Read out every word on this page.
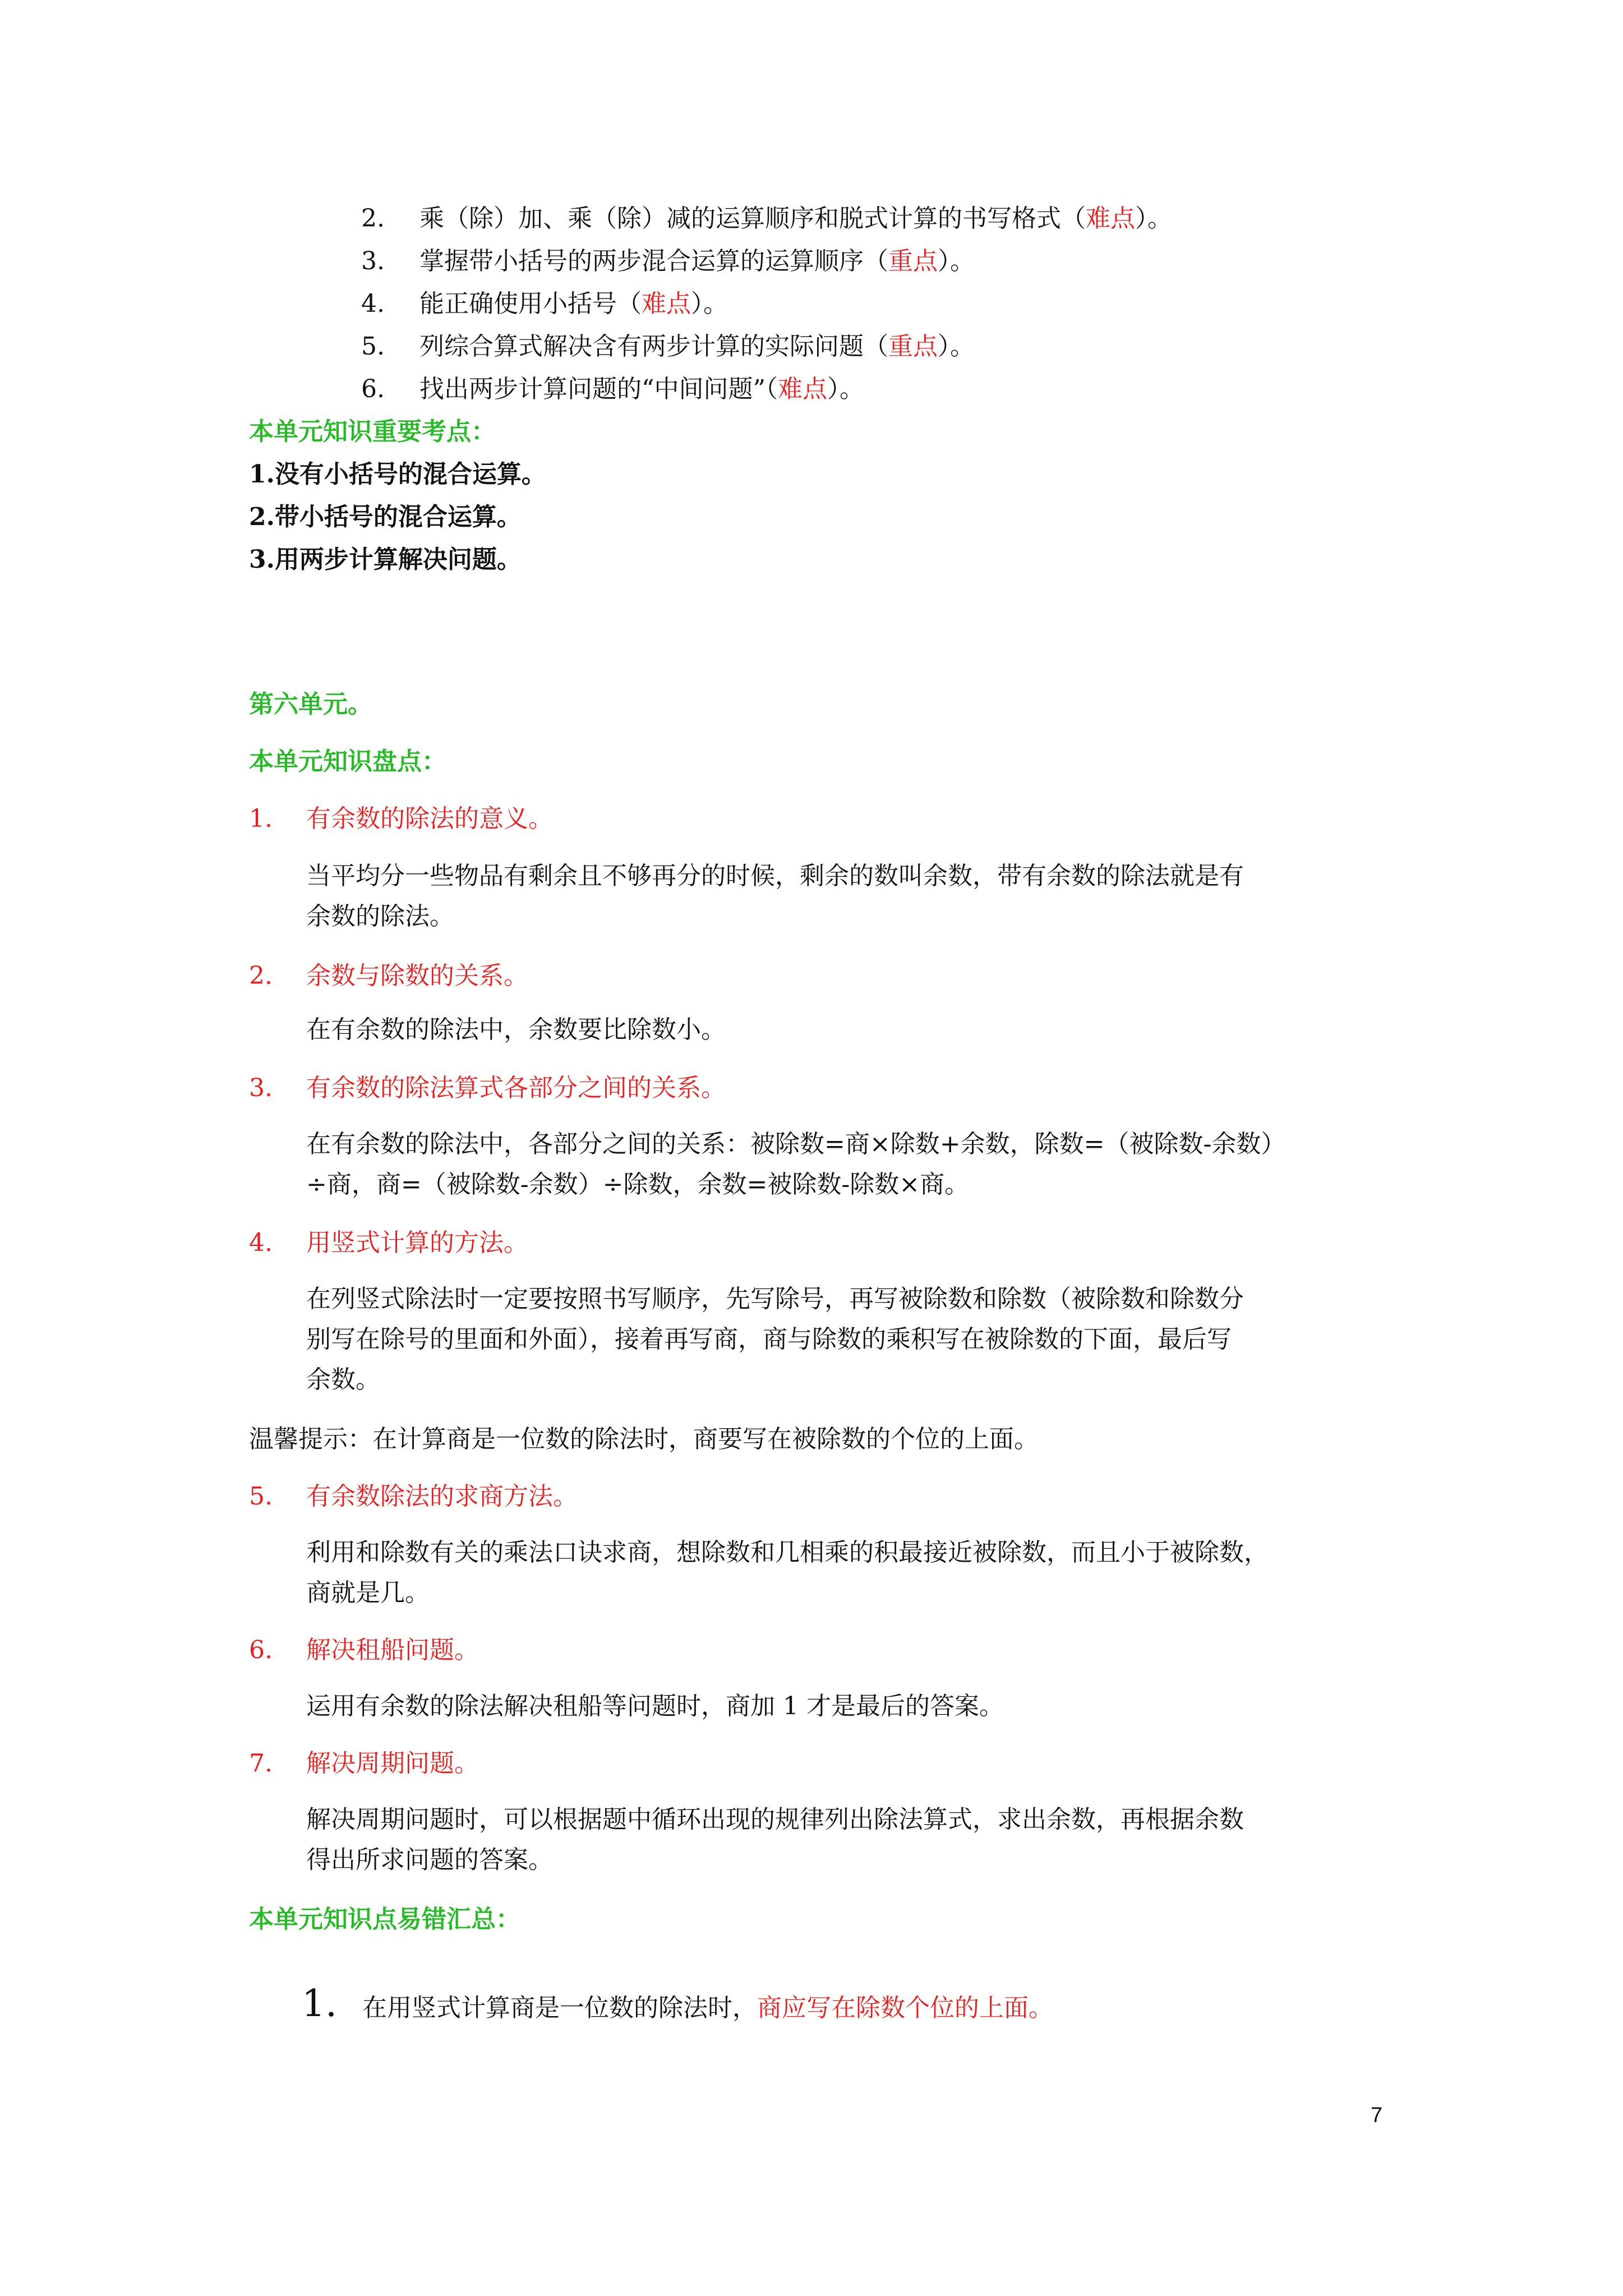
2. 乘（除）加、乘（除）减的运算顺序和脱式计算的书写格式（难点）。
3. 掌握带小括号的两步混合运算的运算顺序（重点）。
4. 能正确使用小括号（难点）。
5. 列综合算式解决含有两步计算的实际问题（重点）。
6. 找出两步计算问题的“中间问题”（难点）。
本单元知识重要考点：
1.没有小括号的混合运算。
2.带小括号的混合运算。
3.用两步计算解决问题。
第六单元。
本单元知识盘点：
1. 有余数的除法的意义。
当平均分一些物品有剩余且不够再分的时候，剩余的数叫余数，带有余数的除法就是有
余数的除法。
2. 余数与除数的关系。
在有余数的除法中，余数要比除数小。
3. 有余数的除法算式各部分之间的关系。
在有余数的除法中，各部分之间的关系：被除数=商×除数+余数，除数=（被除数-余数）
÷商，商=（被除数-余数）÷除数，余数=被除数-除数×商。
4. 用竖式计算的方法。
在列竖式除法时一定要按照书写顺序，先写除号，再写被除数和除数（被除数和除数分
别写在除号的里面和外面），接着再写商，商与除数的乘积写在被除数的下面，最后写
余数。
温馨提示：在计算商是一位数的除法时，商要写在被除数的个位的上面。
5. 有余数除法的求商方法。
利用和除数有关的乘法口诀求商，想除数和几相乘的积最接近被除数，而且小于被除数，
商就是几。
6. 解决租船问题。
运用有余数的除法解决租船等问题时，商加 1 才是最后的答案。
7. 解决周期问题。
解决周期问题时，可以根据题中循环出现的规律列出除法算式，求出余数，再根据余数
得出所求问题的答案。
本单元知识点易错汇总：
1. 在用竖式计算商是一位数的除法时，商应写在除数个位的上面。
7
